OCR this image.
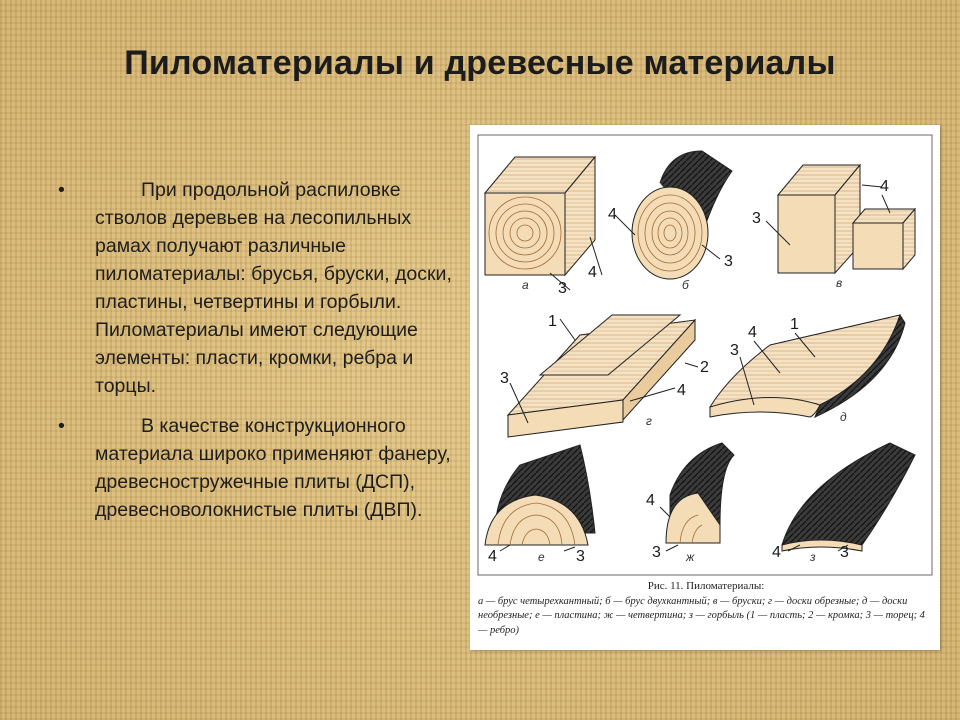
Пиломатериалы и древесные материалы
•	При продольной распиловке стволов деревьев на лесопильных рамах получают различные пиломатериалы: брусья, бруски, доски, пластины, четвертины и горбыли. Пиломатериалы имеют следующие элементы: пласти, кромки, ребра и торцы.
•	В качестве конструкционного материала широко применяют фанеру, древесностружечные плиты (ДСП), древесноволокнистые плиты (ДВП).
а	б	в
г	д
е	ж	з
3
4
4
3
4
3
1
3
2
4
4
3
1
4	3
4
3	4	3
Рис. 11. Пиломатериалы:
а — брус четырехкантный; б — брус двухкантный; в — бруски; г — доски обрезные; д — доски необрезные; е — пластина; ж — четвертина; з — горбыль (1 — пласть; 2 — кромка; 3 — торец; 4 — ребро)
